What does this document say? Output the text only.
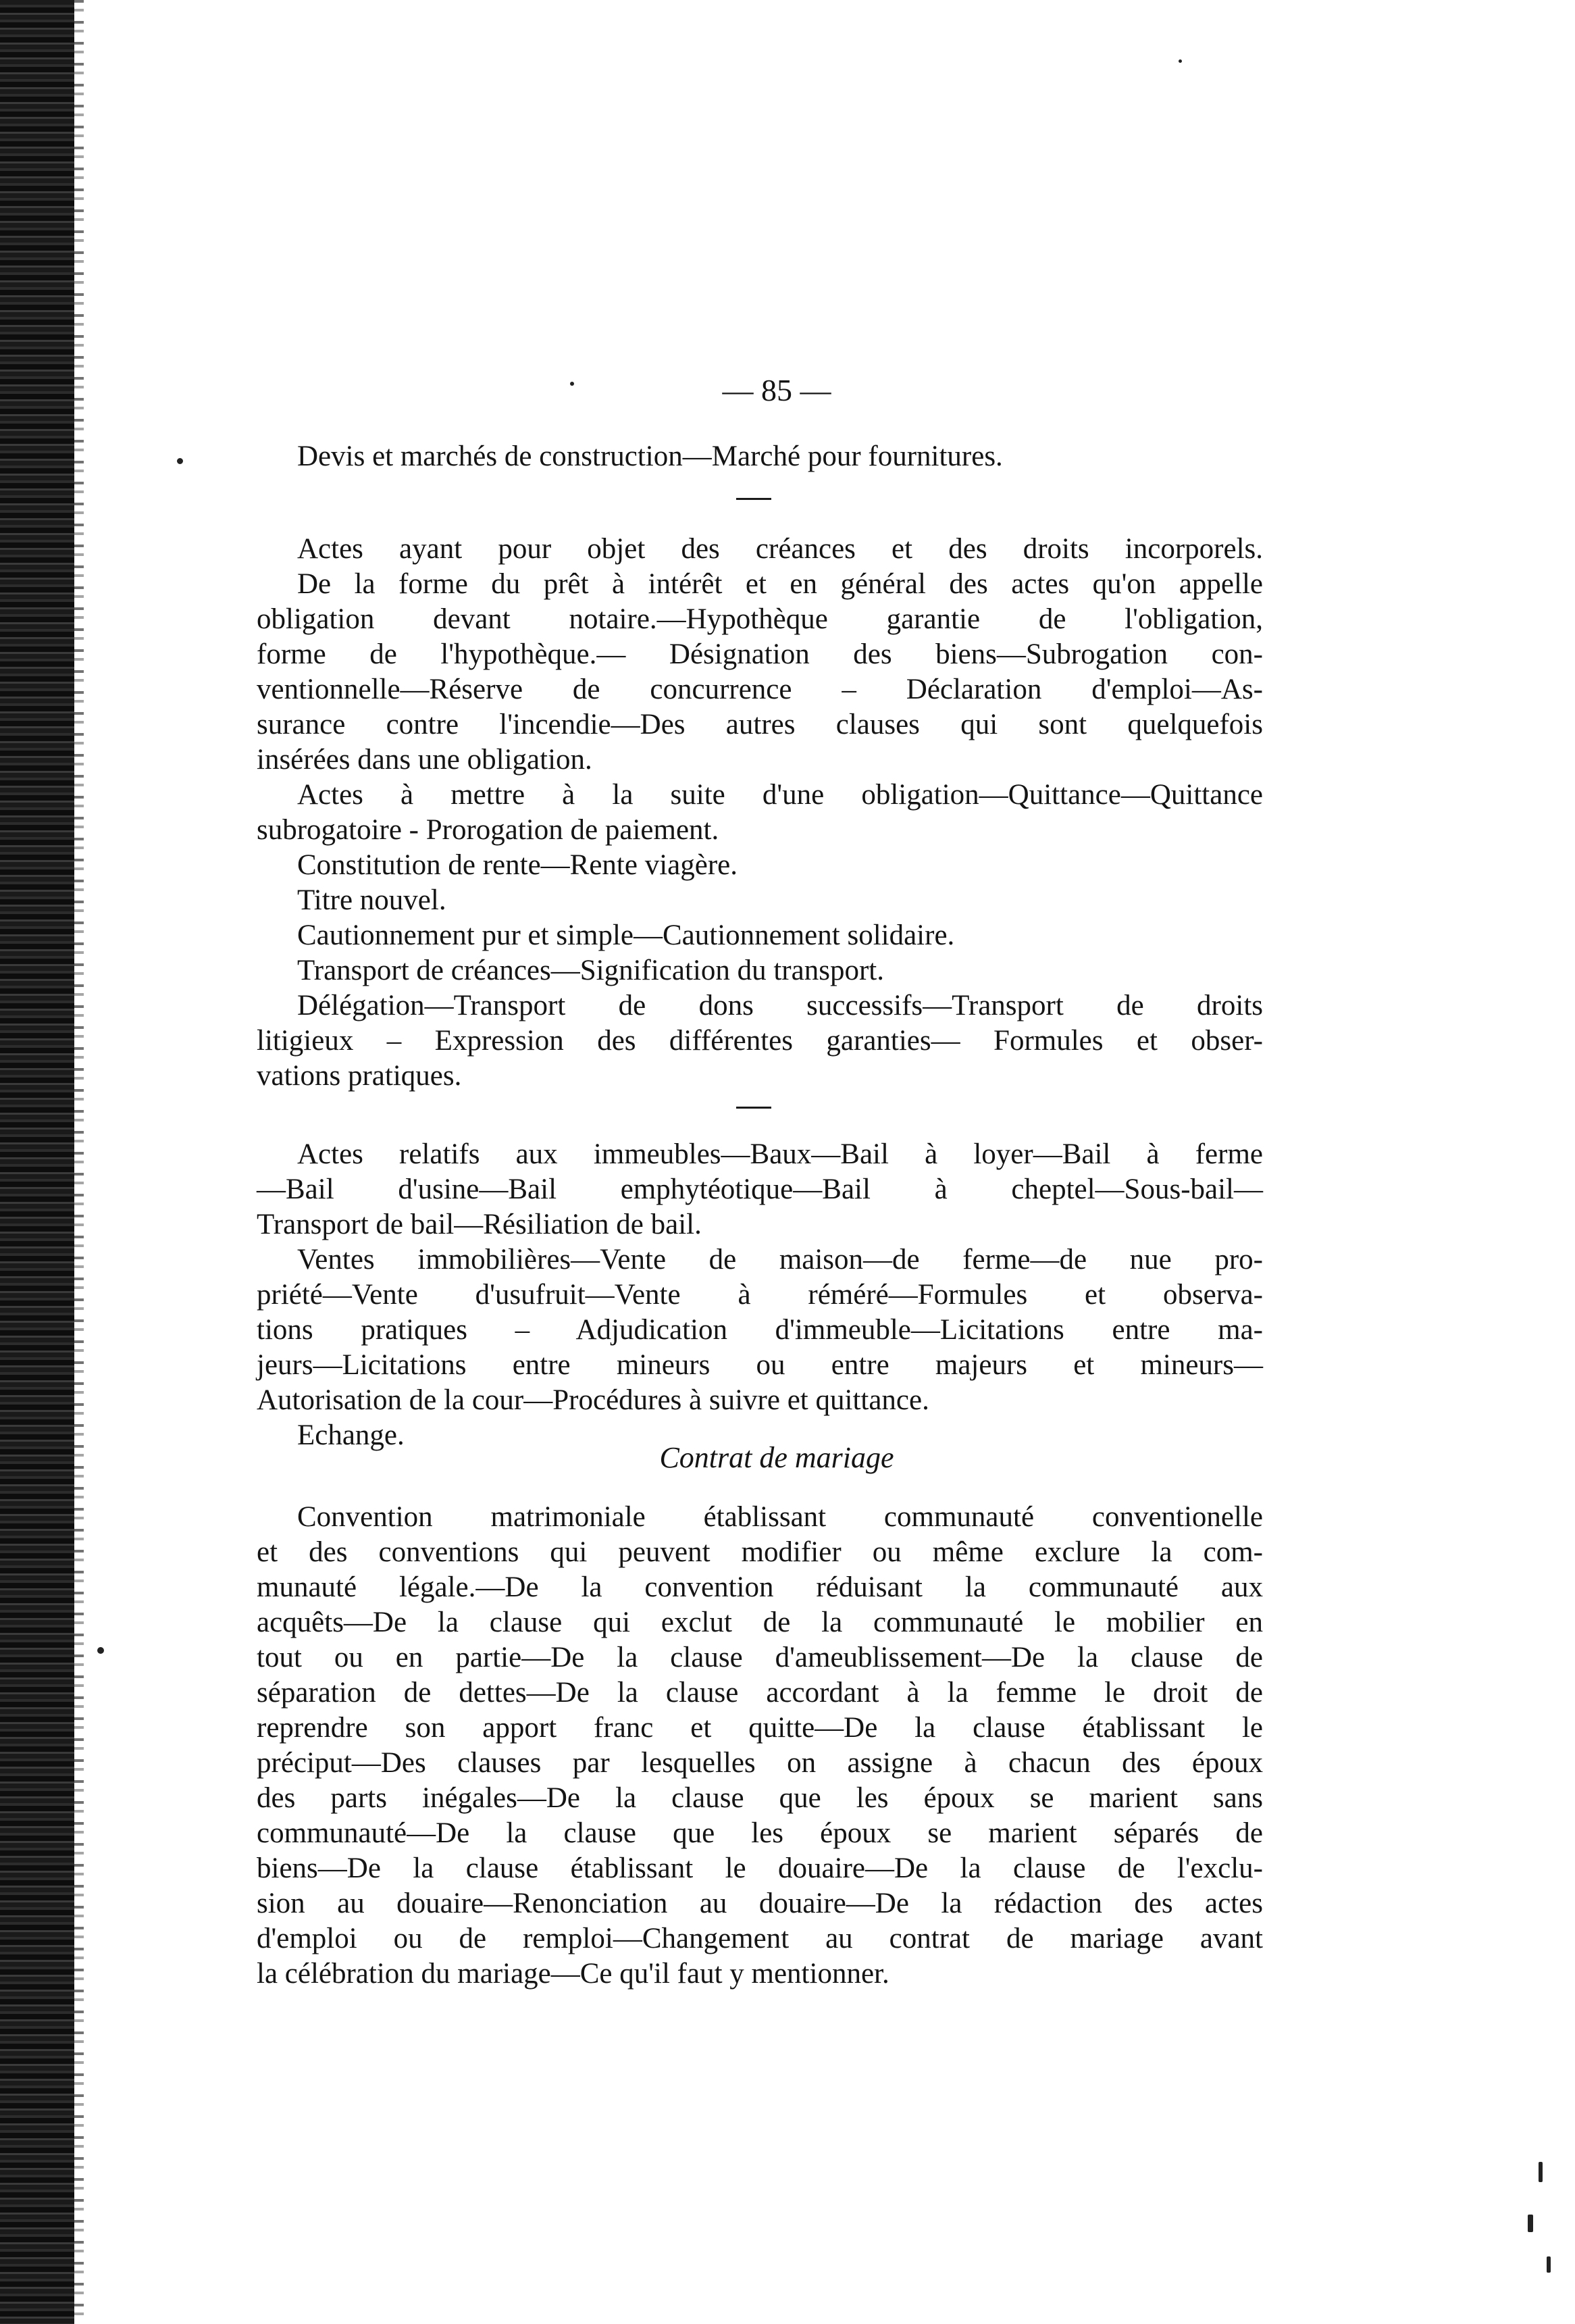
— 85 —
Devis et marchés de construction—Marché pour fournitures.
Actes ayant pour objet des créances et des droits incorporels.
De la forme du prêt à intérêt et en général des actes qu'on appelle
obligation devant notaire.—Hypothèque garantie de l'obligation,
forme de l'hypothèque.— Désignation des biens—Subrogation con-
ventionnelle—Réserve de concurrence – Déclaration d'emploi—As-
surance contre l'incendie—Des autres clauses qui sont quelquefois
insérées dans une obligation.
Actes à mettre à la suite d'une obligation—Quittance—Quittance
subrogatoire - Prorogation de paiement.
Constitution de rente—Rente viagère.
Titre nouvel.
Cautionnement pur et simple—Cautionnement solidaire.
Transport de créances—Signification du transport.
Délégation—Transport de dons successifs—Transport de droits
litigieux – Expression des différentes garanties— Formules et obser-
vations pratiques.
Actes relatifs aux immeubles—Baux—Bail à loyer—Bail à ferme
—Bail d'usine—Bail emphytéotique—Bail à cheptel—Sous-bail—
Transport de bail—Résiliation de bail.
Ventes immobilières—Vente de maison—de ferme—de nue pro-
priété—Vente d'usufruit—Vente à réméré—Formules et observa-
tions pratiques – Adjudication d'immeuble—Licitations entre ma-
jeurs—Licitations entre mineurs ou entre majeurs et mineurs—
Autorisation de la cour—Procédures à suivre et quittance.
Echange.
Contrat de mariage
Convention matrimoniale établissant communauté conventionelle
et des conventions qui peuvent modifier ou même exclure la com-
munauté légale.—De la convention réduisant la communauté aux
acquêts—De la clause qui exclut de la communauté le mobilier en
tout ou en partie—De la clause d'ameublissement—De la clause de
séparation de dettes—De la clause accordant à la femme le droit de
reprendre son apport franc et quitte—De la clause établissant le
préciput—Des clauses par lesquelles on assigne à chacun des époux
des parts inégales—De la clause que les époux se marient sans
communauté—De la clause que les époux se marient séparés de
biens—De la clause établissant le douaire—De la clause de l'exclu-
sion au douaire—Renonciation au douaire—De la rédaction des actes
d'emploi ou de remploi—Changement au contrat de mariage avant
la célébration du mariage—Ce qu'il faut y mentionner.
